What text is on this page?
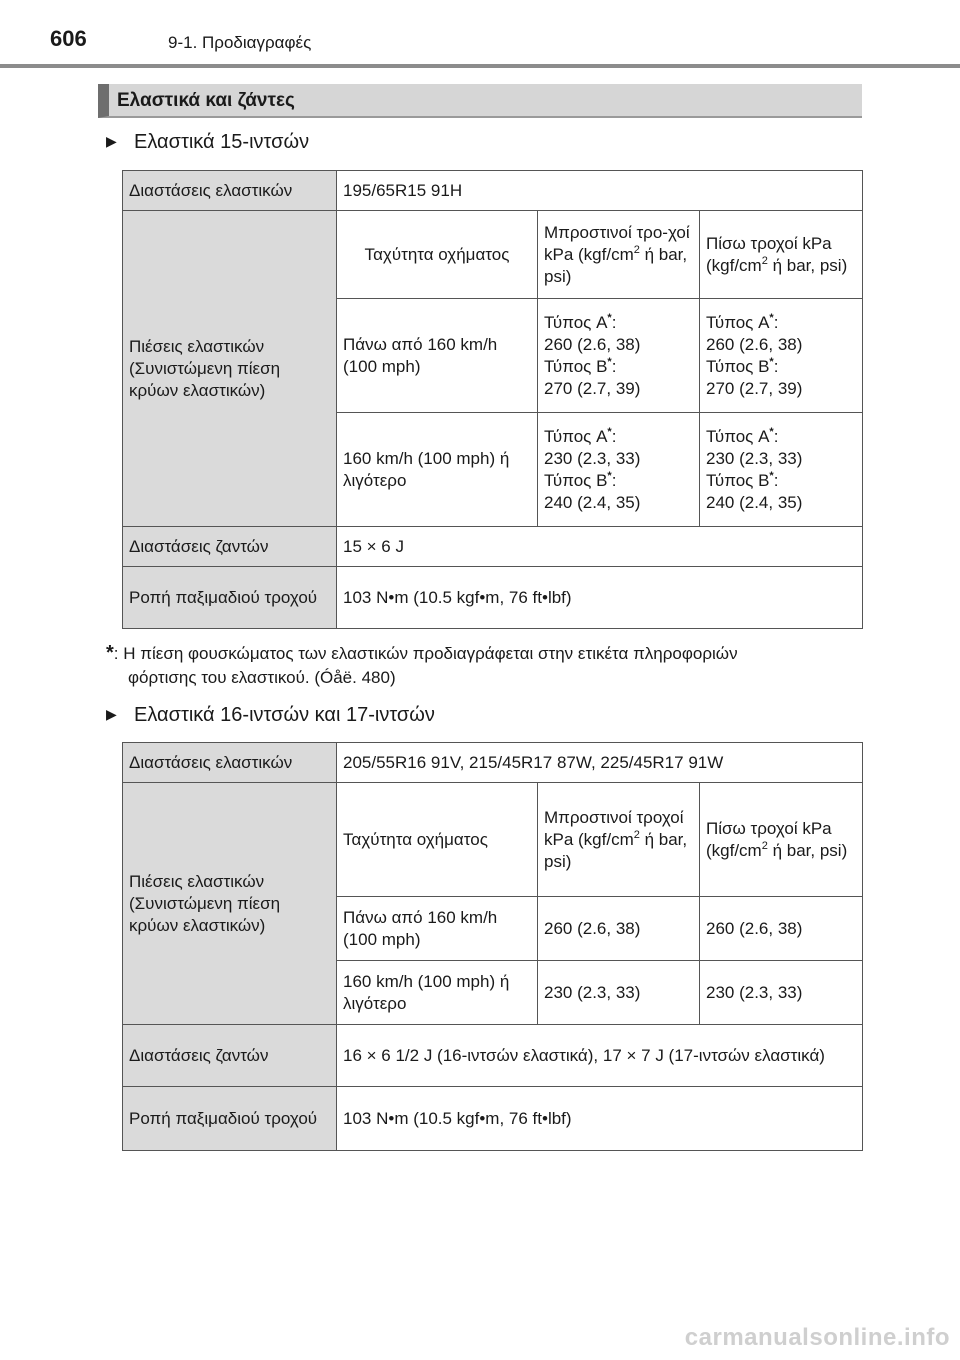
606	9-1. Προδιαγραφές
Ελαστικά και ζάντες
▶ Ελαστικά 15-ιντσών
Διαστάσεις ελαστικών	195/65R15 91H		
Πιέσεις ελαστικών (Συνιστώμενη πίεση κρύων ελαστικών)	Ταχύτητα οχήματος	Μπροστινοί τρο-χοί kPa ($kgf/cm^2$ ή bar, psi)	Πίσω τροχοί kPa ($kgf/cm^2$ ή bar, psi)
	Πάνω από 160 km/h (100 mph)	Τύπος A*:
260 (2.6, 38)
Τύπος B*:
270 (2.7, 39)	Τύπος A*:
260 (2.6, 38)
Τύπος B*:
270 (2.7, 39)
	160 km/h (100 mph) ή λιγότερο	Τύπος A*:
230 (2.3, 33)
Τύπος B*:
240 (2.4, 35)	Τύπος A*:
230 (2.3, 33)
Τύπος B*:
240 (2.4, 35)
Διαστάσεις ζαντών	15 × 6 J		
Ροπή παξιμαδιού τροχού	103 N•m (10.5 kgf•m, 76 ft•lbf)		
*: Η πίεση φουσκώματος των ελαστικών προδιαγράφεται στην ετικέτα πληροφοριών
φόρτισης του ελαστικού. (Óåë. 480)
▶ Ελαστικά 16-ιντσών και 17-ιντσών
Διαστάσεις ελαστικών	205/55R16 91V, 215/45R17 87W, 225/45R17 91W		
Πιέσεις ελαστικών (Συνιστώμενη πίεση κρύων ελαστικών)	Ταχύτητα οχήματος	Μπροστινοί τροχοί kPa ($kgf/cm^2$ ή bar, psi)	Πίσω τροχοί kPa ($kgf/cm^2$ ή bar, psi)
	Πάνω από 160 km/h (100 mph)	260 (2.6, 38)	260 (2.6, 38)
	160 km/h (100 mph) ή λιγότερο	230 (2.3, 33)	230 (2.3, 33)
Διαστάσεις ζαντών	16 × 6 1/2 J (16-ιντσών ελαστικά), 17 × 7 J (17-ιντσών ελαστικά)		
Ροπή παξιμαδιού τροχού	103 N•m (10.5 kgf•m, 76 ft•lbf)		
carmanualsonline.info
